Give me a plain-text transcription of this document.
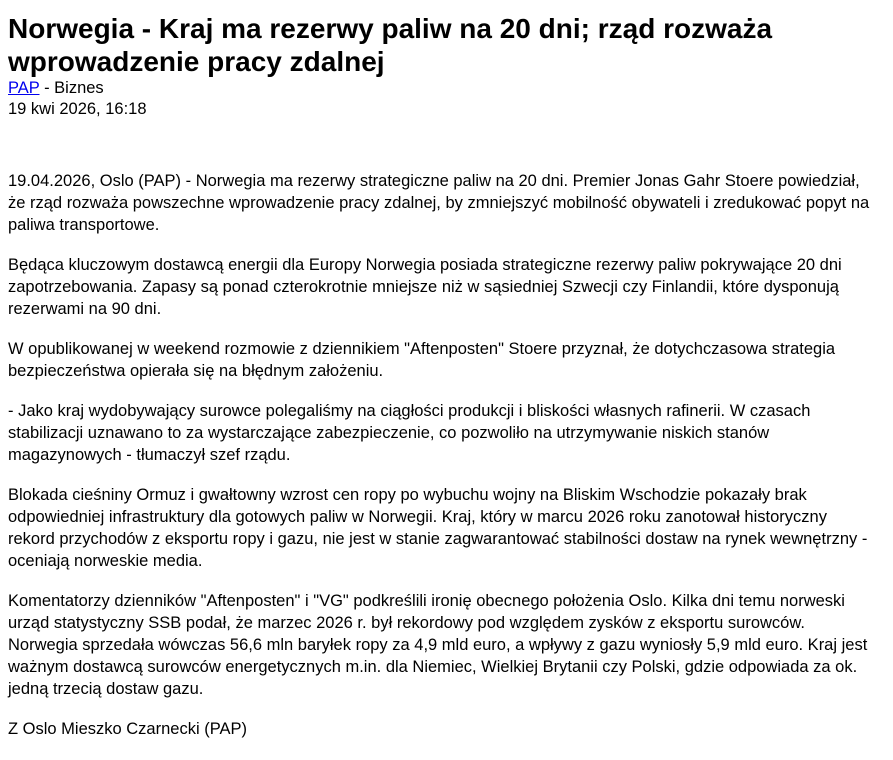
Norwegia - Kraj ma rezerwy paliw na 20 dni; rząd rozważa wprowadzenie pracy zdalnej
PAP - Biznes
19 kwi 2026, 16:18

19.04.2026, Oslo (PAP) - Norwegia ma rezerwy strategiczne paliw na 20 dni. Premier Jonas Gahr Stoere powiedział, że rząd rozważa powszechne wprowadzenie pracy zdalnej, by zmniejszyć mobilność obywateli i zredukować popyt na paliwa transportowe.

Będąca kluczowym dostawcą energii dla Europy Norwegia posiada strategiczne rezerwy paliw pokrywające 20 dni zapotrzebowania. Zapasy są ponad czterokrotnie mniejsze niż w sąsiedniej Szwecji czy Finlandii, które dysponują rezerwami na 90 dni.

W opublikowanej w weekend rozmowie z dziennikiem "Aftenposten" Stoere przyznał, że dotychczasowa strategia bezpieczeństwa opierała się na błędnym założeniu.

- Jako kraj wydobywający surowce polegaliśmy na ciągłości produkcji i bliskości własnych rafinerii. W czasach stabilizacji uznawano to za wystarczające zabezpieczenie, co pozwoliło na utrzymywanie niskich stanów magazynowych - tłumaczył szef rządu.

Blokada cieśniny Ormuz i gwałtowny wzrost cen ropy po wybuchu wojny na Bliskim Wschodzie pokazały brak odpowiedniej infrastruktury dla gotowych paliw w Norwegii. Kraj, który w marcu 2026 roku zanotował historyczny rekord przychodów z eksportu ropy i gazu, nie jest w stanie zagwarantować stabilności dostaw na rynek wewnętrzny - oceniają norweskie media.

Komentatorzy dzienników "Aftenposten" i "VG" podkreślili ironię obecnego położenia Oslo. Kilka dni temu norweski urząd statystyczny SSB podał, że marzec 2026 r. był rekordowy pod względem zysków z eksportu surowców. Norwegia sprzedała wówczas 56,6 mln baryłek ropy za 4,9 mld euro, a wpływy z gazu wyniosły 5,9 mld euro. Kraj jest ważnym dostawcą surowców energetycznych m.in. dla Niemiec, Wielkiej Brytanii czy Polski, gdzie odpowiada za ok. jedną trzecią dostaw gazu.

Z Oslo Mieszko Czarnecki (PAP)
